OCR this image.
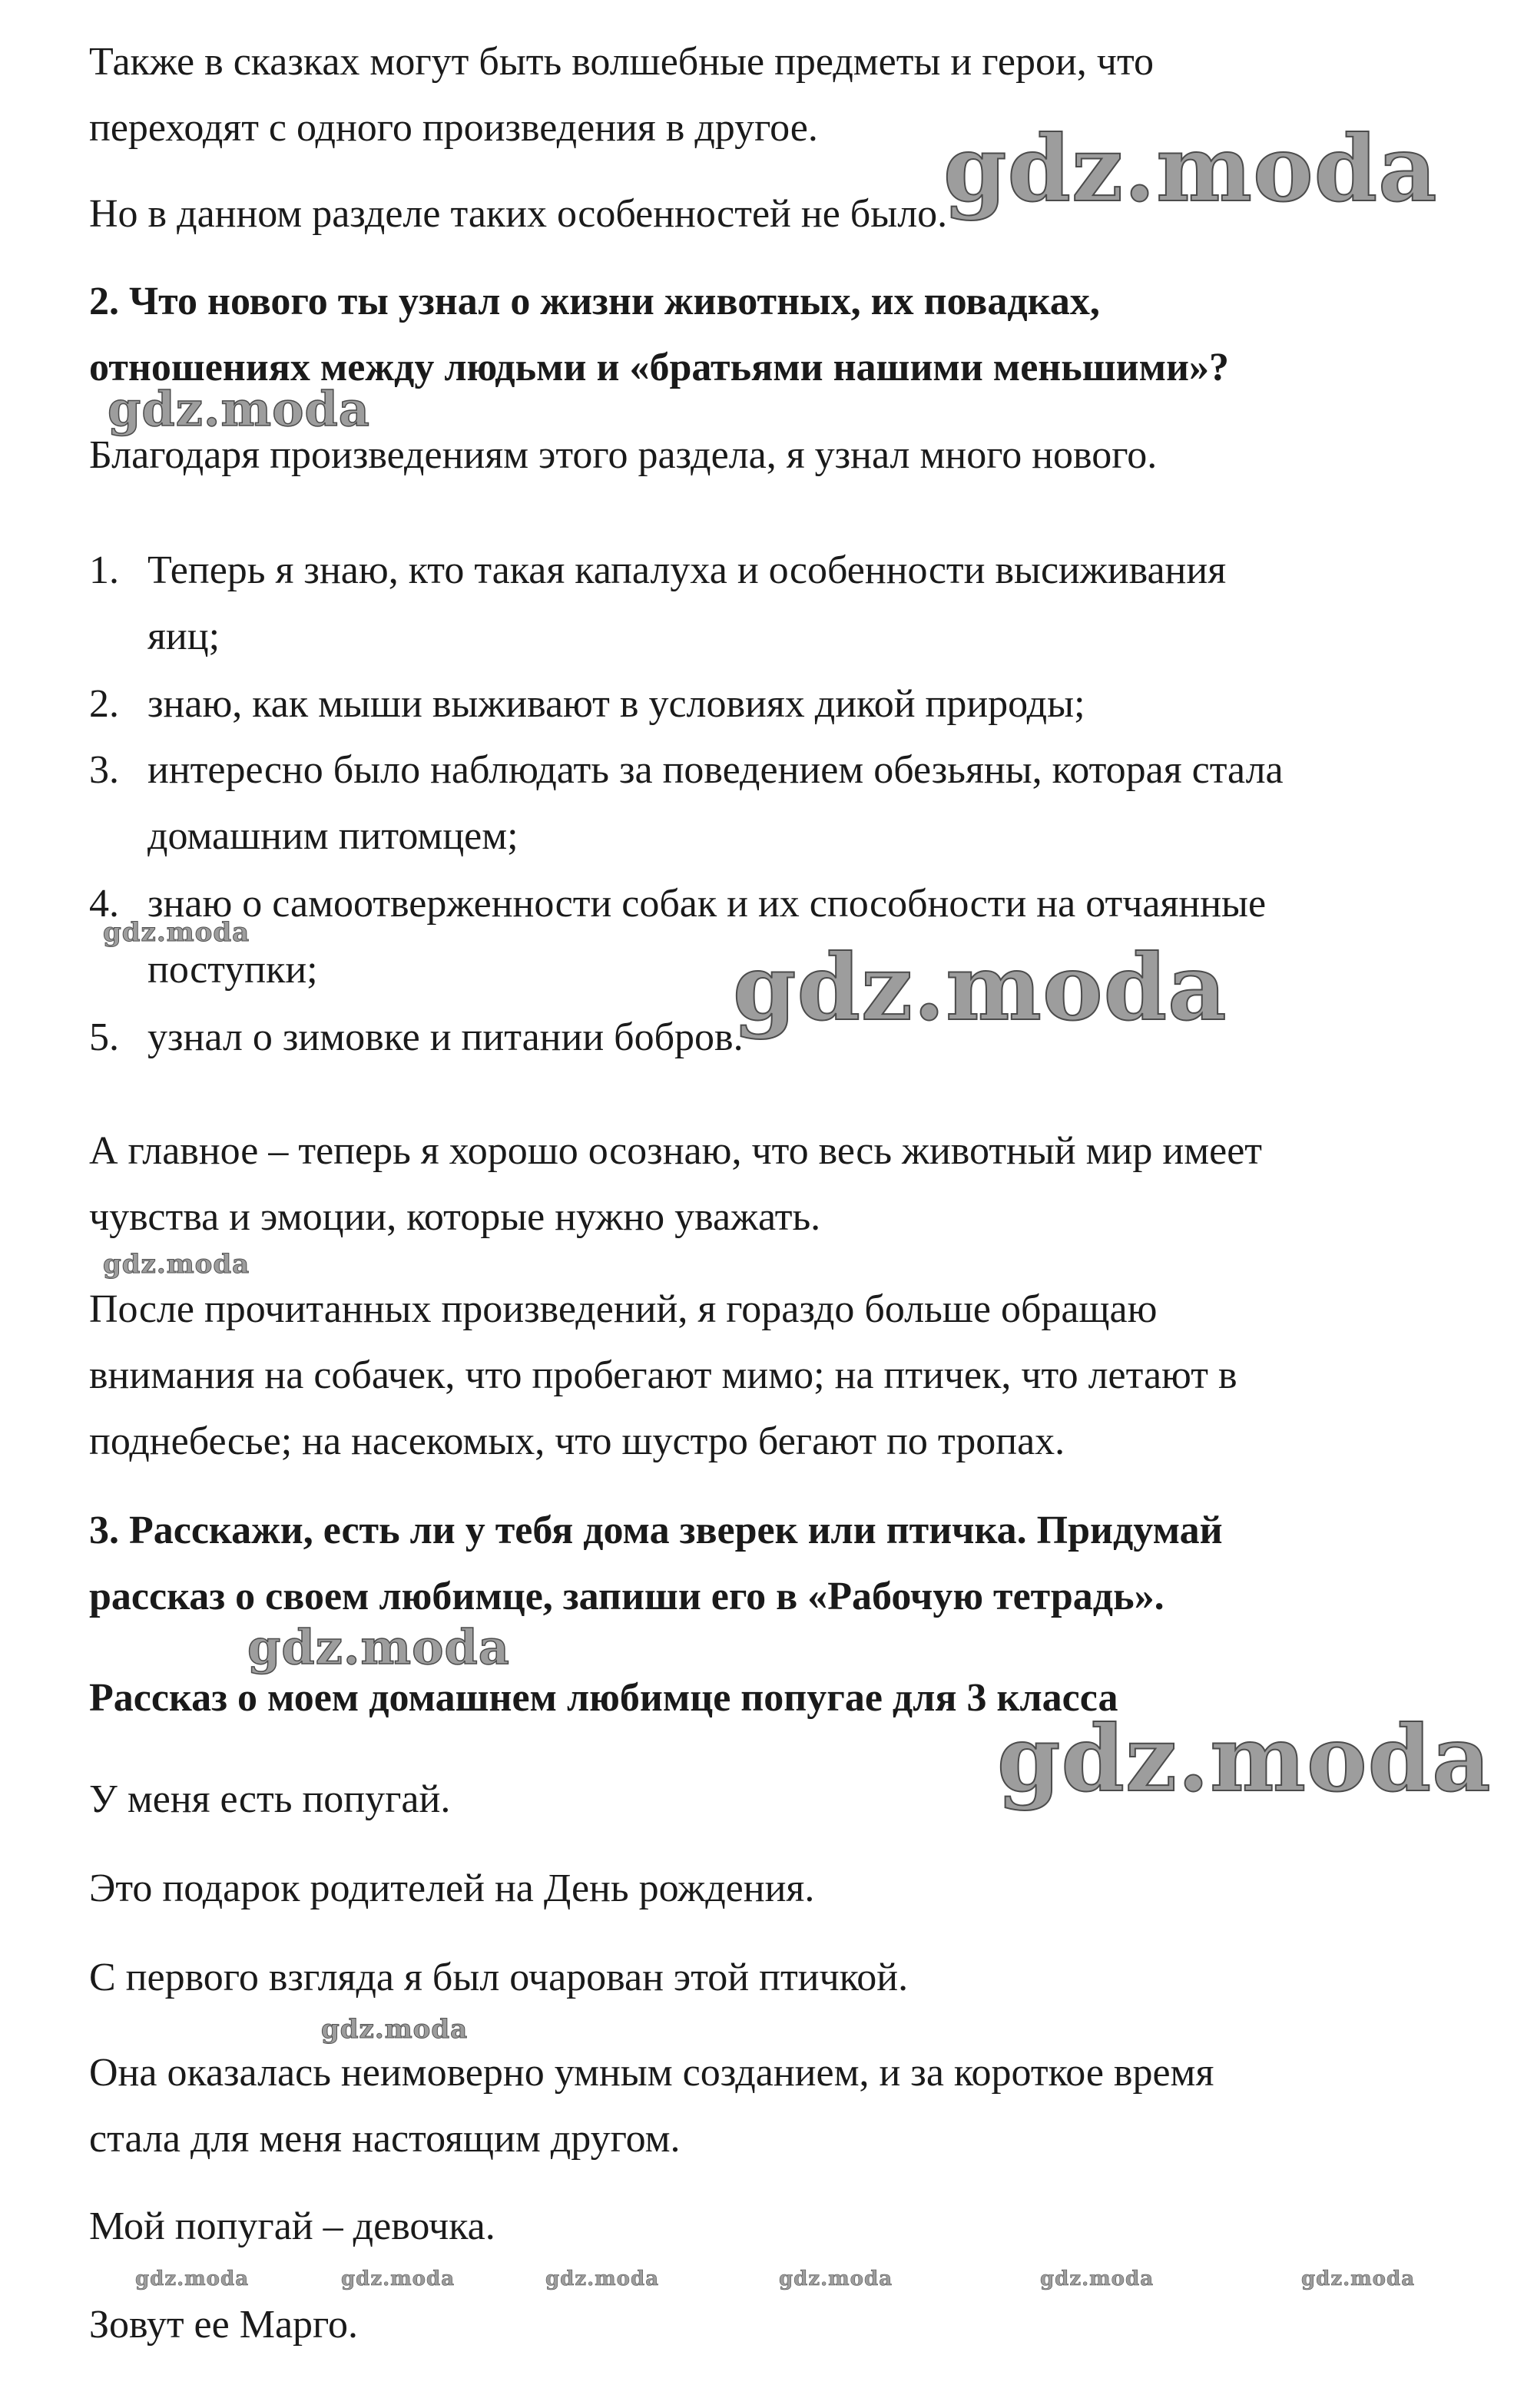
Также в сказках могут быть волшебные предметы и герои, что

переходят с одного произведения в другое.

Но в данном разделе таких особенностей не было.

2. Что нового ты узнал о жизни животных, их повадках,

отношениях между людьми и «братьями нашими меньшими»?

Благодаря произведениям этого раздела, я узнал много нового.

1. Теперь я знаю, кто такая капалуха и особенности высиживания
яиц;
2. знаю, как мыши выживают в условиях дикой природы;
3. интересно было наблюдать за поведением обезьяны, которая стала
домашним питомцем;
4. знаю о самоотверженности собак и их способности на отчаянные
поступки;
5. узнал о зимовке и питании бобров.

А главное – теперь я хорошо осознаю, что весь животный мир имеет

чувства и эмоции, которые нужно уважать.

После прочитанных произведений, я гораздо больше обращаю

внимания на собачек, что пробегают мимо; на птичек, что летают в

поднебесье; на насекомых, что шустро бегают по тропах.

3. Расскажи, есть ли у тебя дома зверек или птичка. Придумай

рассказ о своем любимце, запиши его в «Рабочую тетрадь».

Рассказ о моем домашнем любимце попугае для 3 класса

У меня есть попугай.

Это подарок родителей на День рождения.

С первого взгляда я был очарован этой птичкой.

Она оказалась неимоверно умным созданием, и за короткое время

стала для меня настоящим другом.

Мой попугай – девочка.

Зовут ее Марго.

gdz.moda
gdz.moda
gdz.moda
gdz.moda
gdz.moda
gdz.moda
gdz.moda
gdz.moda
gdz.moda	gdz.moda	gdz.moda	gdz.moda	gdz.moda	gdz.moda
